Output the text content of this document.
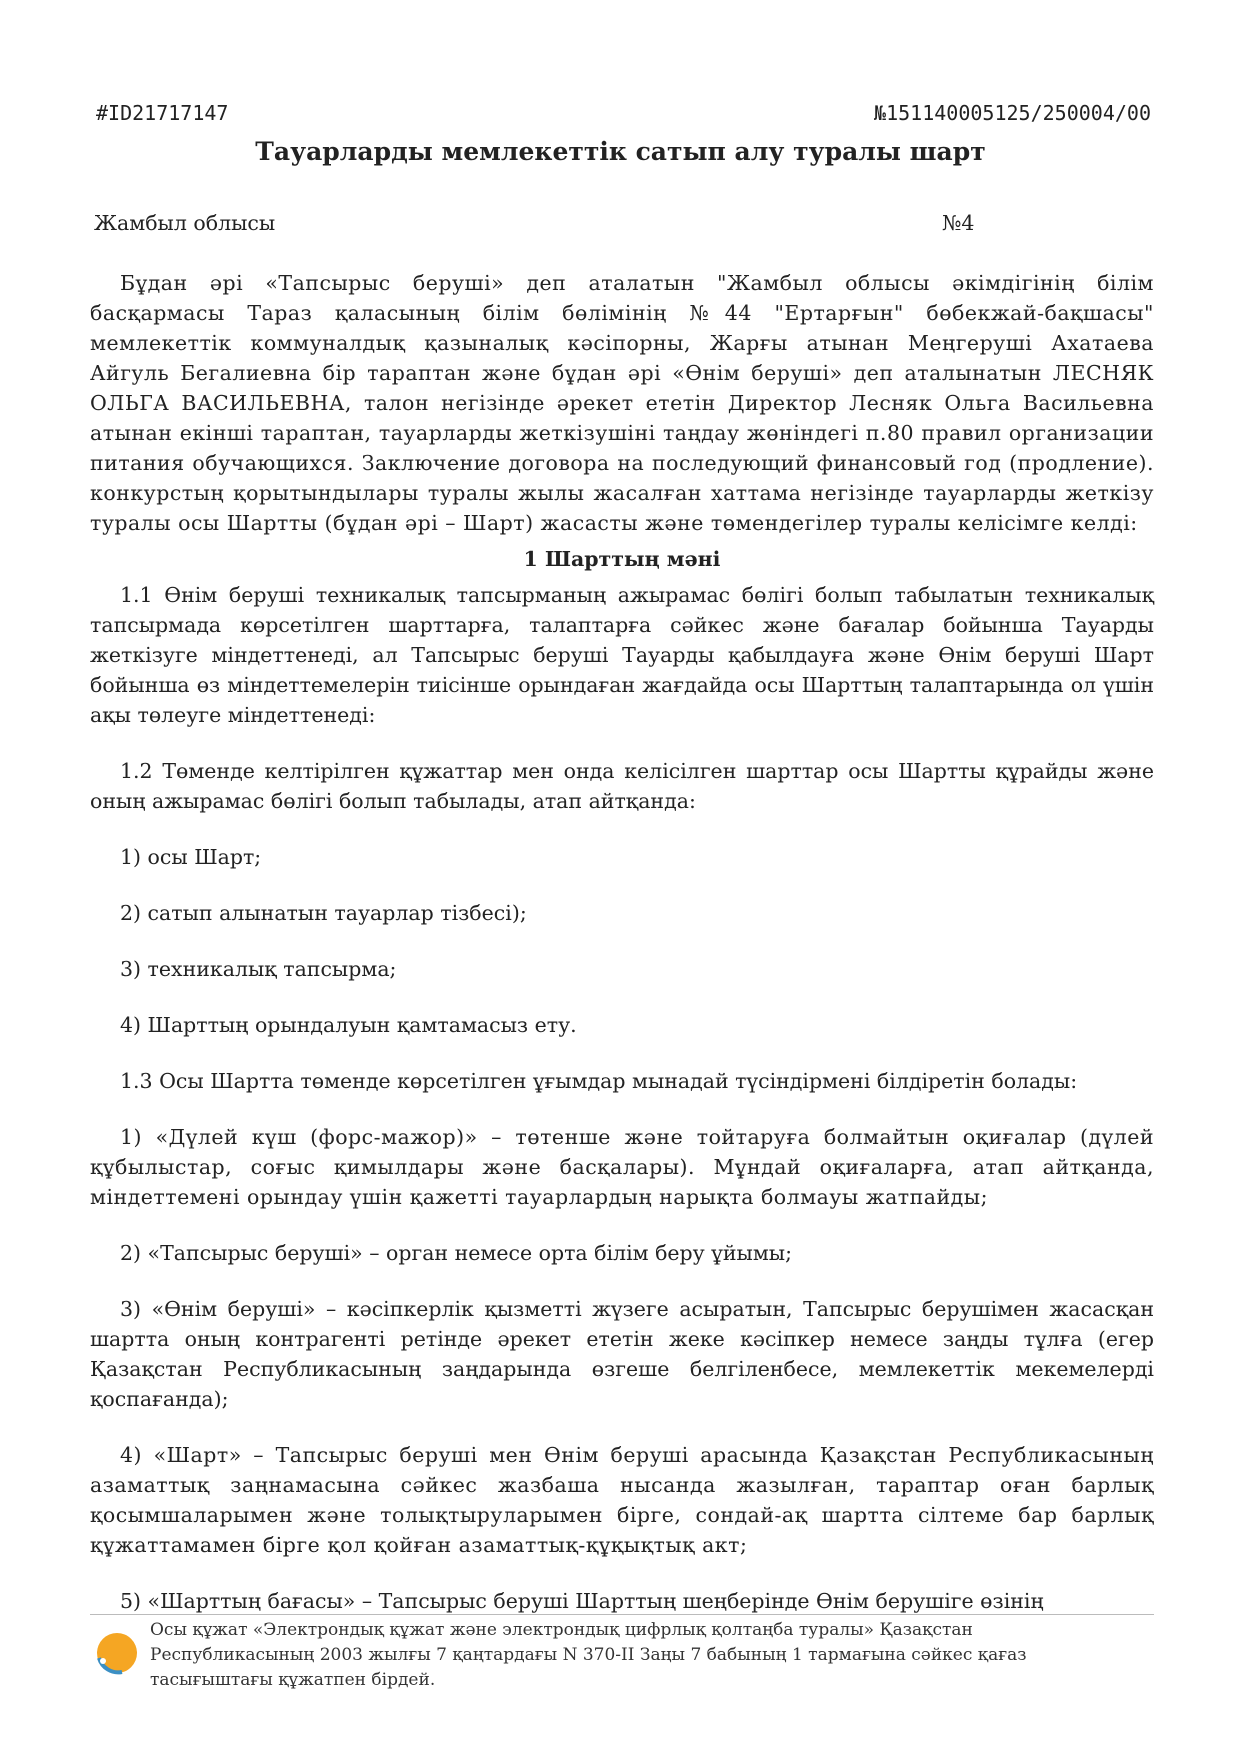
#ID21717147	№151140005125/250004/00
Тауарларды мемлекеттік сатып алу туралы шарт
Жамбыл облысы	№4

Бұдан әрі «Тапсырыс беруші» деп аталатын "Жамбыл облысы әкімдігінің білім басқармасы Тараз қаласының білім бөлімінің №44 "Ертарғын" бөбекжай-бақшасы" мемлекеттік коммуналдық қазыналық кәсіпорны, Жарғы атынан Меңгеруші Ахатаева Айгуль Бегалиевна бір тараптан және бұдан әрі «Өнім беруші» деп аталынатын ЛЕСНЯК ОЛЬГА ВАСИЛЬЕВНА, талон негізінде әрекет ететін Директор Лесняк Ольга Васильевна атынан екінші тараптан, тауарларды жеткізушіні таңдау жөніндегі п.80 правил организации питания обучающихся. Заключение договора на последующий финансовый год (продление). конкурстың қорытындылары туралы жылы жасалған хаттама негізінде тауарларды жеткізу туралы осы Шартты (бұдан әрі – Шарт) жасасты және төмендегілер туралы келісімге келді:

1 Шарттың мәні

1.1 Өнім беруші техникалық тапсырманың ажырамас бөлігі болып табылатын техникалық тапсырмада көрсетілген шарттарға, талаптарға сәйкес және бағалар бойынша Тауарды жеткізуге міндеттенеді, ал Тапсырыс беруші Тауарды қабылдауға және Өнім беруші Шарт бойынша өз міндеттемелерін тиісінше орындаған жағдайда осы Шарттың талаптарында ол үшін ақы төлеуге міндеттенеді:

1.2 Төменде келтірілген құжаттар мен онда келісілген шарттар осы Шартты құрайды және оның ажырамас бөлігі болып табылады, атап айтқанда:

1) осы Шарт;

2) сатып алынатын тауарлар тізбесі);

3) техникалық тапсырма;

4) Шарттың орындалуын қамтамасыз ету.

1.3 Осы Шартта төменде көрсетілген ұғымдар мынадай түсіндірмені білдіретін болады:

1) «Дүлей күш (форс-мажор)» – төтенше және тойтаруға болмайтын оқиғалар (дүлей құбылыстар, соғыс қимылдары және басқалары). Мұндай оқиғаларға, атап айтқанда, міндеттемені орындау үшін қажетті тауарлардың нарықта болмауы жатпайды;

2) «Тапсырыс беруші» – орган немесе орта білім беру ұйымы;

3) «Өнім беруші» – кәсіпкерлік қызметті жүзеге асыратын, Тапсырыс берушімен жасасқан шартта оның контрагенті ретінде әрекет ететін жеке кәсіпкер немесе заңды тұлға (егер Қазақстан Республикасының заңдарында өзгеше белгіленбесе, мемлекеттік мекемелерді қоспағанда);

4) «Шарт» – Тапсырыс беруші мен Өнім беруші арасында Қазақстан Республикасының азаматтық заңнамасына сәйкес жазбаша нысанда жазылған, тараптар оған барлық қосымшаларымен және толықтыруларымен бірге, сондай-ақ шартта сілтеме бар барлық құжаттамамен бірге қол қойған азаматтық-құқықтық акт;

5) «Шарттың бағасы» – Тапсырыс беруші Шарттың шеңберінде Өнім берушіге өзінің

Осы құжат «Электрондық құжат және электрондық цифрлық қолтаңба туралы» Қазақстан Республикасының 2003 жылғы 7 қаңтардағы N 370-II Заңы 7 бабының 1 тармағына сәйкес қағаз тасығыштағы құжатпен бірдей.
